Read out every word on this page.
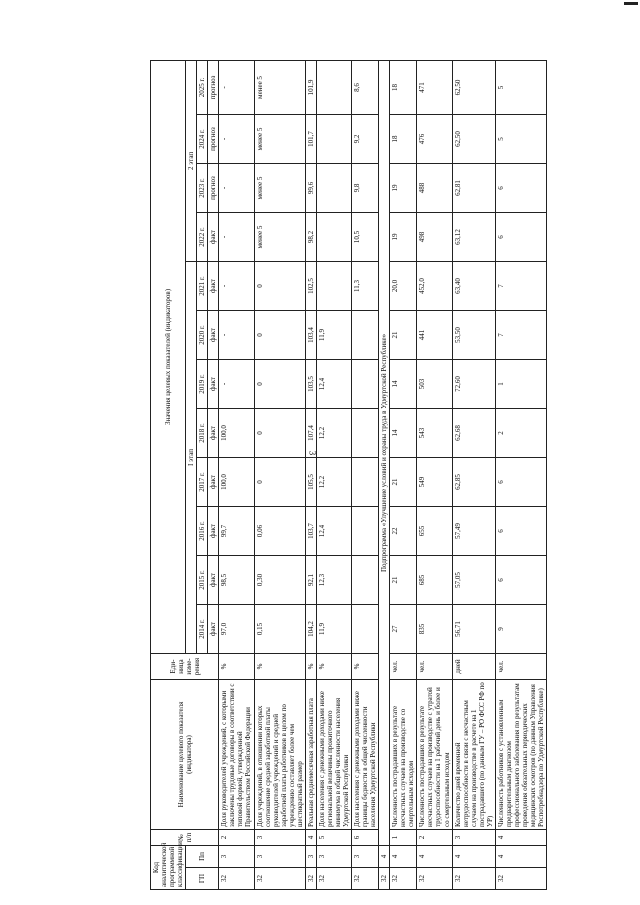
3
Код аналитической программной классификации		№ п/п	Наименование целевого показателя (индикатора)	Еди- ница изме- рения	Значения целевых показателей (индикаторов)											
ГП	Пп				I этап								2 этап			
					2014 г.	2015 г.	2016 г.	2017 г.	2018 г.	2019 г.	2020 г.	2021 г.	2022 г.	2023 г.	2024 г.	2025 г.
					факт	факт	факт	факт	факт	факт	факт	факт	факт	прогноз	прогноз	прогноз
32	3	2	Доля руководителей учреждений, с которыми заключены трудовые договоры в соответствии с типовой формой, утвержденной Правительством Российской Федерации	%	97,0	98,5	99,7	100,0	100,0	-	-	-	-	-	-	-
32	3	3	Доля учреждений, в отношении которых соотношение средней заработной платы руководителей учреждений и средней заработной платы работников в целом по учреждению составляет более чем шестикратный размер	%	0,15	0,30	0,06	0	0	0	0	0	менее 5	менее 5	менее 5	менее 5
32	3	4	Реальная среднемесячная заработная плата	%	104,2	92,1	103,7	105,5	107,4	103,5	103,4	102,5	98,2	99,6	101,7	101,9
32	3	5	Доля населения с денежными доходами ниже региональной величины прожиточного минимума в общей численности населения Удмуртской Республики	%	11,9	12,3	12,4	12,2	12,2	12,4	11,9					
32	3	6	Доля населения с денежными доходами ниже границы бедности в общей численности населения Удмуртской Республики	%								11,3	10,5	9,8	9,2	8,6
32	4	Подпрограмма «Улучшение условий и охраны труда в Удмуртской Республике»														
32	4	1	Численность пострадавших в результате несчастных случаев на производстве со смертельным исходом	чел.	27	21	22	21	14	14	21	20,0	19	19	18	18
32	4	2	Численность пострадавших в результате несчастных случаев на производстве с утратой трудоспособности на 1 рабочий день и более и со смертельным исходом	чел.	835	685	655	549	543	503	441	452,0	498	488	476	471
32	4	3	Количество дней временной нетрудоспособности в связи с несчастным случаем на производстве в расчете на 1 пострадавшего (по данным ГУ – РО ФСС РФ по УР)	дней	56,71	57,05	57,49	62,85	62,68	72,60	53,50	63,40	63,12	62,81	62,50	62,50
32	4	4	Численность работников с установленным предварительным диагнозом профессионального заболевания по результатам проведения обязательных периодических медицинских осмотров (по данным Управления Роспотребнадзора по Удмуртской Республике)	чел.	9	6	6	6	2	1	7	7	6	6	5	5
